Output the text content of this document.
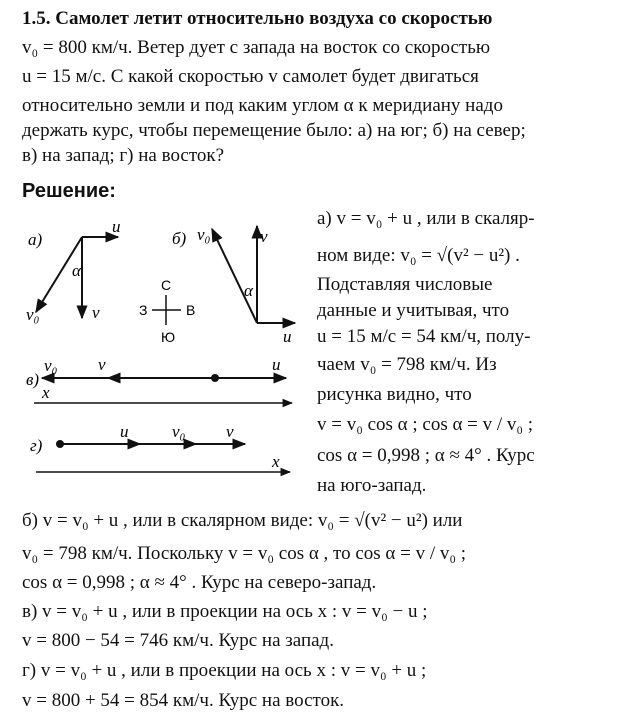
1.5. Самолет летит относительно воздуха со скоростью
v₀ = 800 км/ч. Ветер дует с запада на восток со скоростью
u = 15 м/с. С какой скоростью v самолет будет двигаться
относительно земли и под каким углом α к меридиану надо
держать курс, чтобы перемещение было: а) на юг; б) на север;
в) на запад; г) на восток?
Решение:
а) v = v₀ + u , или в скаляр-
ном виде: v₀ = √(v² − u²) .
Подставляя числовые
данные и учитывая, что
u = 15 м/с = 54 км/ч, полу-
чаем v₀ = 798 км/ч. Из
рисунка видно, что
v = v₀ cos α ; cos α = v / v₀ ;
cos α = 0,998 ; α ≈ 4° . Курс
на юго-запад.
б) v = v₀ + u , или в скалярном виде: v₀ = √(v² − u²) или
v₀ = 798 км/ч. Поскольку v = v₀ cos α , то cos α = v / v₀ ;
cos α = 0,998 ; α ≈ 4° . Курс на северо-запад.
в) v = v₀ + u , или в проекции на ось x : v = v₀ − u ;
v = 800 − 54 = 746 км/ч. Курс на запад.
г) v = v₀ + u , или в проекции на ось x : v = v₀ + u ;
v = 800 + 54 = 854 км/ч. Курс на восток.
а)
u
α
v₀	v
С
Ю
З	В
б) v₀	v
α
u
в)
v₀ v	u
x
г)
u	v₀ v
x
